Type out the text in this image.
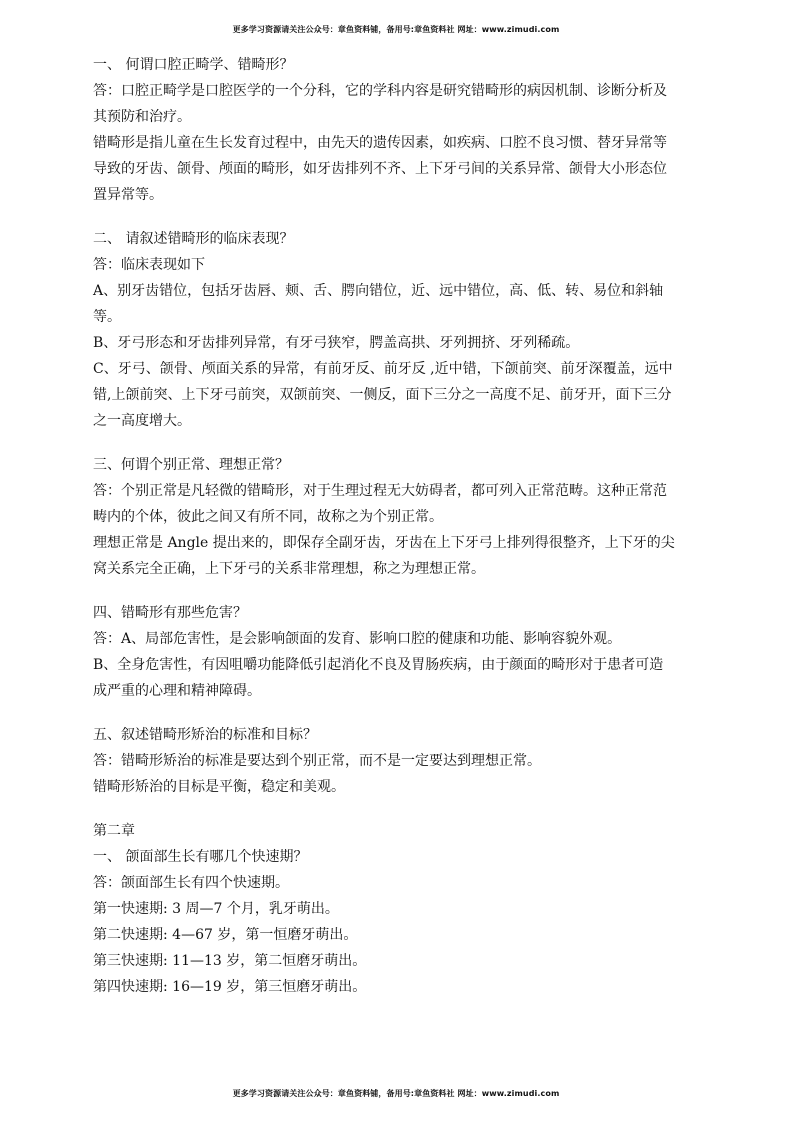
更多学习资源请关注公众号：章鱼资料铺，备用号:章鱼资料社 网址：www.zimudi.com
一、 何谓口腔正畸学、错畸形？
答：口腔正畸学是口腔医学的一个分科，它的学科内容是研究错畸形的病因机制、诊断分析及
其预防和治疗。
错畸形是指儿童在生长发育过程中，由先天的遗传因素，如疾病、口腔不良习惯、替牙异常等
导致的牙齿、颌骨、颅面的畸形，如牙齿排列不齐、上下牙弓间的关系异常、颌骨大小形态位
置异常等。
二、 请叙述错畸形的临床表现？
答：临床表现如下
A、别牙齿错位，包括牙齿唇、颊、舌、腭向错位，近、远中错位，高、低、转、易位和斜轴
等。
B、牙弓形态和牙齿排列异常，有牙弓狭窄，腭盖高拱、牙列拥挤、牙列稀疏。
C、牙弓、颌骨、颅面关系的异常，有前牙反、前牙反 ,近中错，下颌前突、前牙深覆盖，远中
错,上颌前突、上下牙弓前突，双颌前突、一侧反，面下三分之一高度不足、前牙开，面下三分
之一高度增大。
三、何谓个别正常、理想正常？
答：个别正常是凡轻微的错畸形，对于生理过程无大妨碍者，都可列入正常范畴。这种正常范
畴内的个体，彼此之间又有所不同，故称之为个别正常。
理想正常是 Angle 提出来的，即保存全副牙齿，牙齿在上下牙弓上排列得很整齐，上下牙的尖
窝关系完全正确，上下牙弓的关系非常理想，称之为理想正常。
四、错畸形有那些危害？
答：A、局部危害性，是会影响颌面的发育、影响口腔的健康和功能、影响容貌外观。
B、全身危害性，有因咀嚼功能降低引起消化不良及胃肠疾病，由于颜面的畸形对于患者可造
成严重的心理和精神障碍。
五、叙述错畸形矫治的标准和目标？
答：错畸形矫治的标准是要达到个别正常，而不是一定要达到理想正常。
错畸形矫治的目标是平衡，稳定和美观。
第二章
一、 颌面部生长有哪几个快速期？
答：颌面部生长有四个快速期。
第一快速期: 3 周—7 个月，乳牙萌出。
第二快速期: 4—67 岁，第一恒磨牙萌出。
第三快速期: 11—13 岁，第二恒磨牙萌出。
第四快速期: 16—19 岁，第三恒磨牙萌出。
更多学习资源请关注公众号：章鱼资料铺，备用号:章鱼资料社 网址：www.zimudi.com
